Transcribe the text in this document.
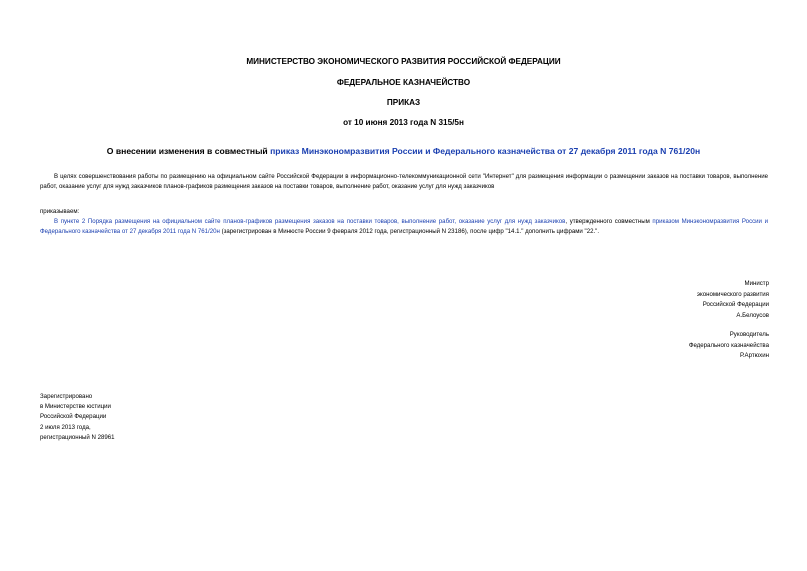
МИНИСТЕРСТВО ЭКОНОМИЧЕСКОГО РАЗВИТИЯ РОССИЙСКОЙ ФЕДЕРАЦИИ
ФЕДЕРАЛЬНОЕ КАЗНАЧЕЙСТВО
ПРИКАЗ
от 10 июня 2013 года N 315/5н
О внесении изменения в совместный приказ Минэкономразвития России и Федерального казначейства от 27 декабря 2011 года N 761/20н
В целях совершенствования работы по размещению на официальном сайте Российской Федерации в информационно-телекоммуникационной сети "Интернет" для размещения информации о размещении заказов на поставки товаров, выполнение работ, оказание услуг для нужд заказчиков планов-графиков размещения заказов на поставки товаров, выполнение работ, оказание услуг для нужд заказчиков
приказываем:
В пункте 2 Порядка размещения на официальном сайте планов-графиков размещения заказов на поставки товаров, выполнение работ, оказание услуг для нужд заказчиков, утвержденного совместным приказом Минэкономразвития России и Федерального казначейства от 27 декабря 2011 года N 761/20н (зарегистрирован в Минюсте России 9 февраля 2012 года, регистрационный N 23186), после цифр "14.1." дополнить цифрами "22.".
Министр
экономического развития
Российской Федерации
А.Белоусов
Руководитель
Федерального казначейства
Р.Артюхин
Зарегистрировано
в Министерстве юстиции
Российской Федерации
2 июля 2013 года,
регистрационный N 28961
